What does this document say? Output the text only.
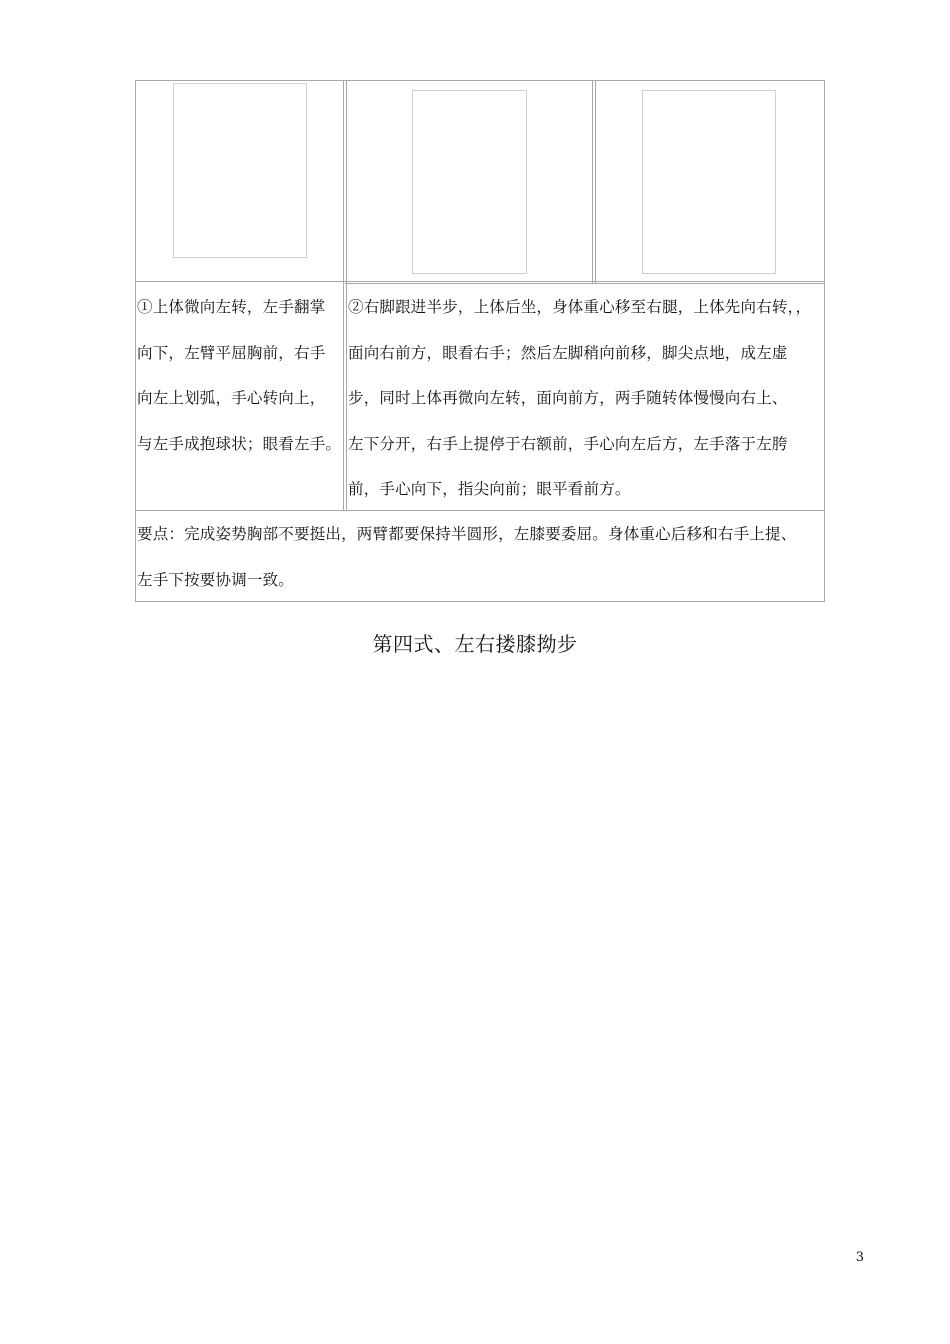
①上体微向左转，左手翻掌
向下，左臂平屈胸前，右手
向左上划弧，手心转向上，
与左手成抱球状；眼看左手。
②右脚跟进半步，上体后坐，身体重心移至右腿，上体先向右转，，
面向右前方，眼看右手；然后左脚稍向前移，脚尖点地，成左虚
步，同时上体再微向左转，面向前方，两手随转体慢慢向右上、
左下分开，右手上提停于右额前，手心向左后方，左手落于左胯
前，手心向下，指尖向前；眼平看前方。
要点：完成姿势胸部不要挺出，两臂都要保持半圆形，左膝要委屈。身体重心后移和右手上提、
左手下按要协调一致。
第四式、左右搂膝拗步
3
